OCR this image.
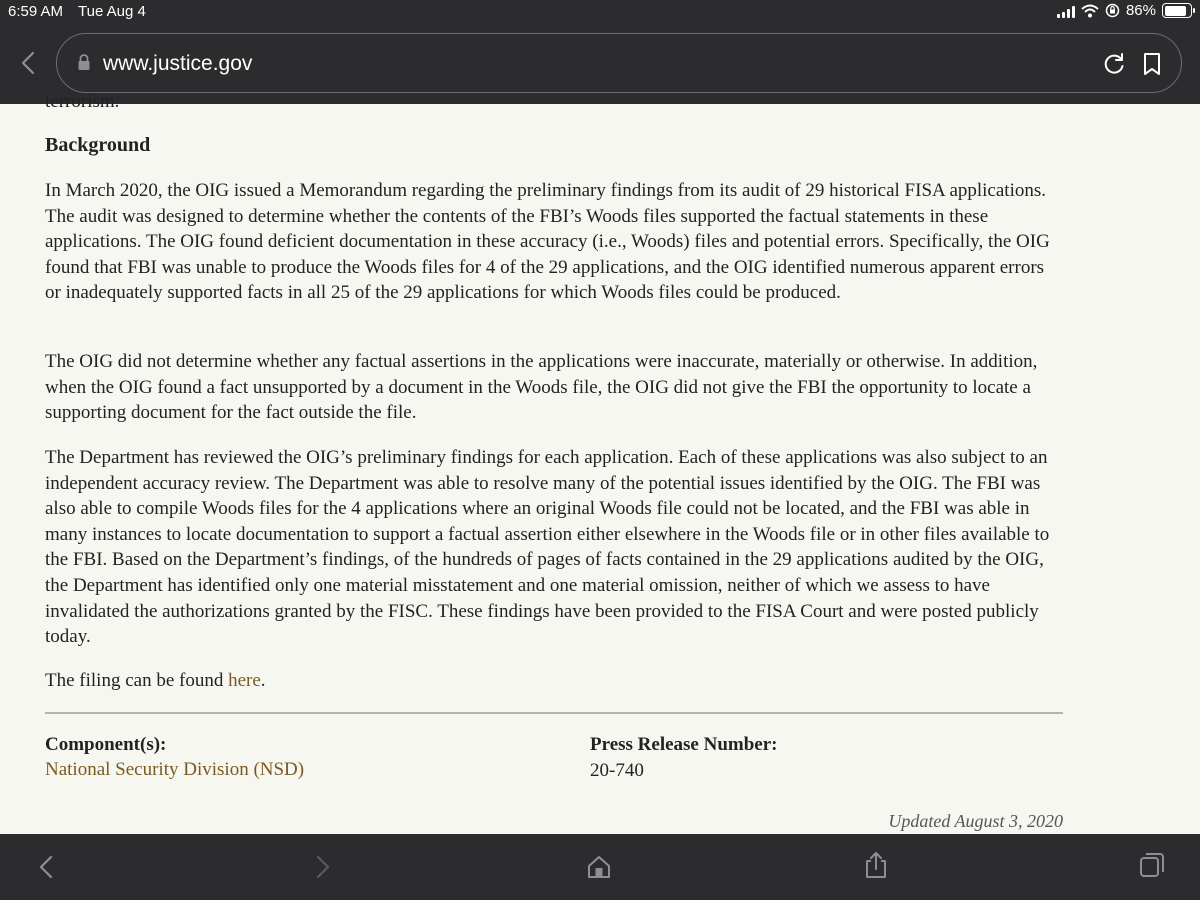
6:59 AM Tue Aug 4	86%
www.justice.gov
terrorism.
Background

In March 2020, the OIG issued a Memorandum regarding the preliminary findings from its audit of 29 historical FISA applications. The audit was designed to determine whether the contents of the FBI’s Woods files supported the factual statements in these applications. The OIG found deficient documentation in these accuracy (i.e., Woods) files and potential errors. Specifically, the OIG found that FBI was unable to produce the Woods files for 4 of the 29 applications, and the OIG identified numerous apparent errors or inadequately supported facts in all 25 of the 29 applications for which Woods files could be produced.

The OIG did not determine whether any factual assertions in the applications were inaccurate, materially or otherwise. In addition, when the OIG found a fact unsupported by a document in the Woods file, the OIG did not give the FBI the opportunity to locate a supporting document for the fact outside the file.

The Department has reviewed the OIG’s preliminary findings for each application. Each of these applications was also subject to an independent accuracy review. The Department was able to resolve many of the potential issues identified by the OIG. The FBI was also able to compile Woods files for the 4 applications where an original Woods file could not be located, and the FBI was able in many instances to locate documentation to support a factual assertion either elsewhere in the Woods file or in other files available to the FBI. Based on the Department’s findings, of the hundreds of pages of facts contained in the 29 applications audited by the OIG, the Department has identified only one material misstatement and one material omission, neither of which we assess to have invalidated the authorizations granted by the FISC. These findings have been provided to the FISA Court and were posted publicly today.

The filing can be found here.

Component(s):
National Security Division (NSD)
Press Release Number:

20-740

Updated August 3, 2020
